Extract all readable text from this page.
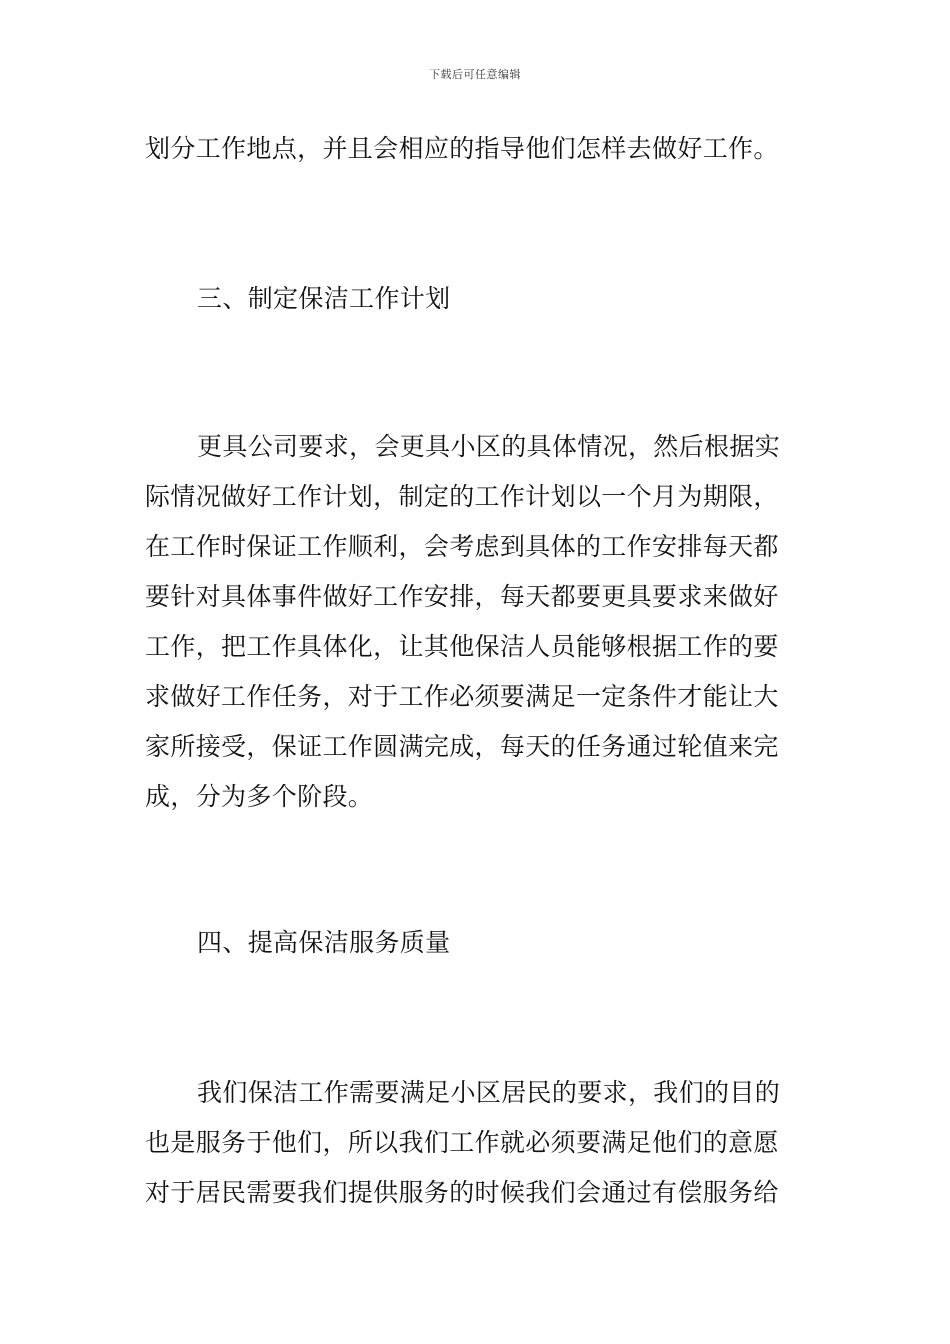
下载后可任意编辑

划分工作地点，并且会相应的指导他们怎样去做好工作。

三、制定保洁工作计划

更具公司要求，会更具小区的具体情况，然后根据实
际情况做好工作计划，制定的工作计划以一个月为期限，
在工作时保证工作顺利，会考虑到具体的工作安排每天都
要针对具体事件做好工作安排，每天都要更具要求来做好
工作，把工作具体化，让其他保洁人员能够根据工作的要
求做好工作任务，对于工作必须要满足一定条件才能让大
家所接受，保证工作圆满完成，每天的任务通过轮值来完
成，分为多个阶段。

四、提高保洁服务质量

我们保洁工作需要满足小区居民的要求，我们的目的
也是服务于他们，所以我们工作就必须要满足他们的意愿
对于居民需要我们提供服务的时候我们会通过有偿服务给
